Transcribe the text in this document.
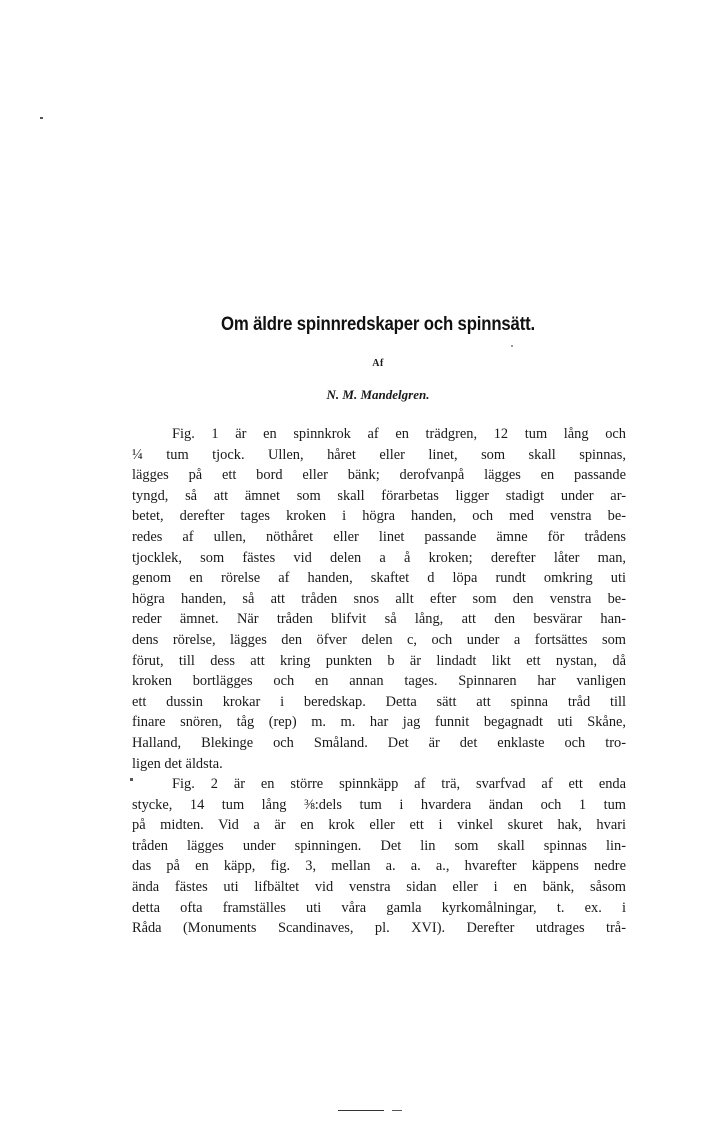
Om äldre spinnredskaper och spinnsätt.
Af
N. M. Mandelgren.
Fig. 1 är en spinnkrok af en trädgren, 12 tum lång och
¼ tum tjock. Ullen, håret eller linet, som skall spinnas,
lägges på ett bord eller bänk; derofvanpå lägges en passande
tyngd, så att ämnet som skall förarbetas ligger stadigt under ar-
betet, derefter tages kroken i högra handen, och med venstra be-
redes af ullen, nöthåret eller linet passande ämne för trådens
tjocklek, som fästes vid delen a å kroken; derefter låter man,
genom en rörelse af handen, skaftet d löpa rundt omkring uti
högra handen, så att tråden snos allt efter som den venstra be-
reder ämnet. När tråden blifvit så lång, att den besvärar han-
dens rörelse, lägges den öfver delen c, och under a fortsättes som
förut, till dess att kring punkten b är lindadt likt ett nystan, då
kroken bortlägges och en annan tages. Spinnaren har vanligen
ett dussin krokar i beredskap. Detta sätt att spinna tråd till
finare snören, tåg (rep) m. m. har jag funnit begagnadt uti Skåne,
Halland, Blekinge och Småland. Det är det enklaste och tro-
ligen det äldsta.
Fig. 2 är en större spinnkäpp af trä, svarfvad af ett enda
stycke, 14 tum lång ⅜:dels tum i hvardera ändan och 1 tum
på midten. Vid a är en krok eller ett i vinkel skuret hak, hvari
tråden lägges under spinningen. Det lin som skall spinnas lin-
das på en käpp, fig. 3, mellan a. a. a., hvarefter käppens nedre
ända fästes uti lifbältet vid venstra sidan eller i en bänk, såsom
detta ofta framställes uti våra gamla kyrkomålningar, t. ex. i
Råda (Monuments Scandinaves, pl. XVI). Derefter utdrages trå-
